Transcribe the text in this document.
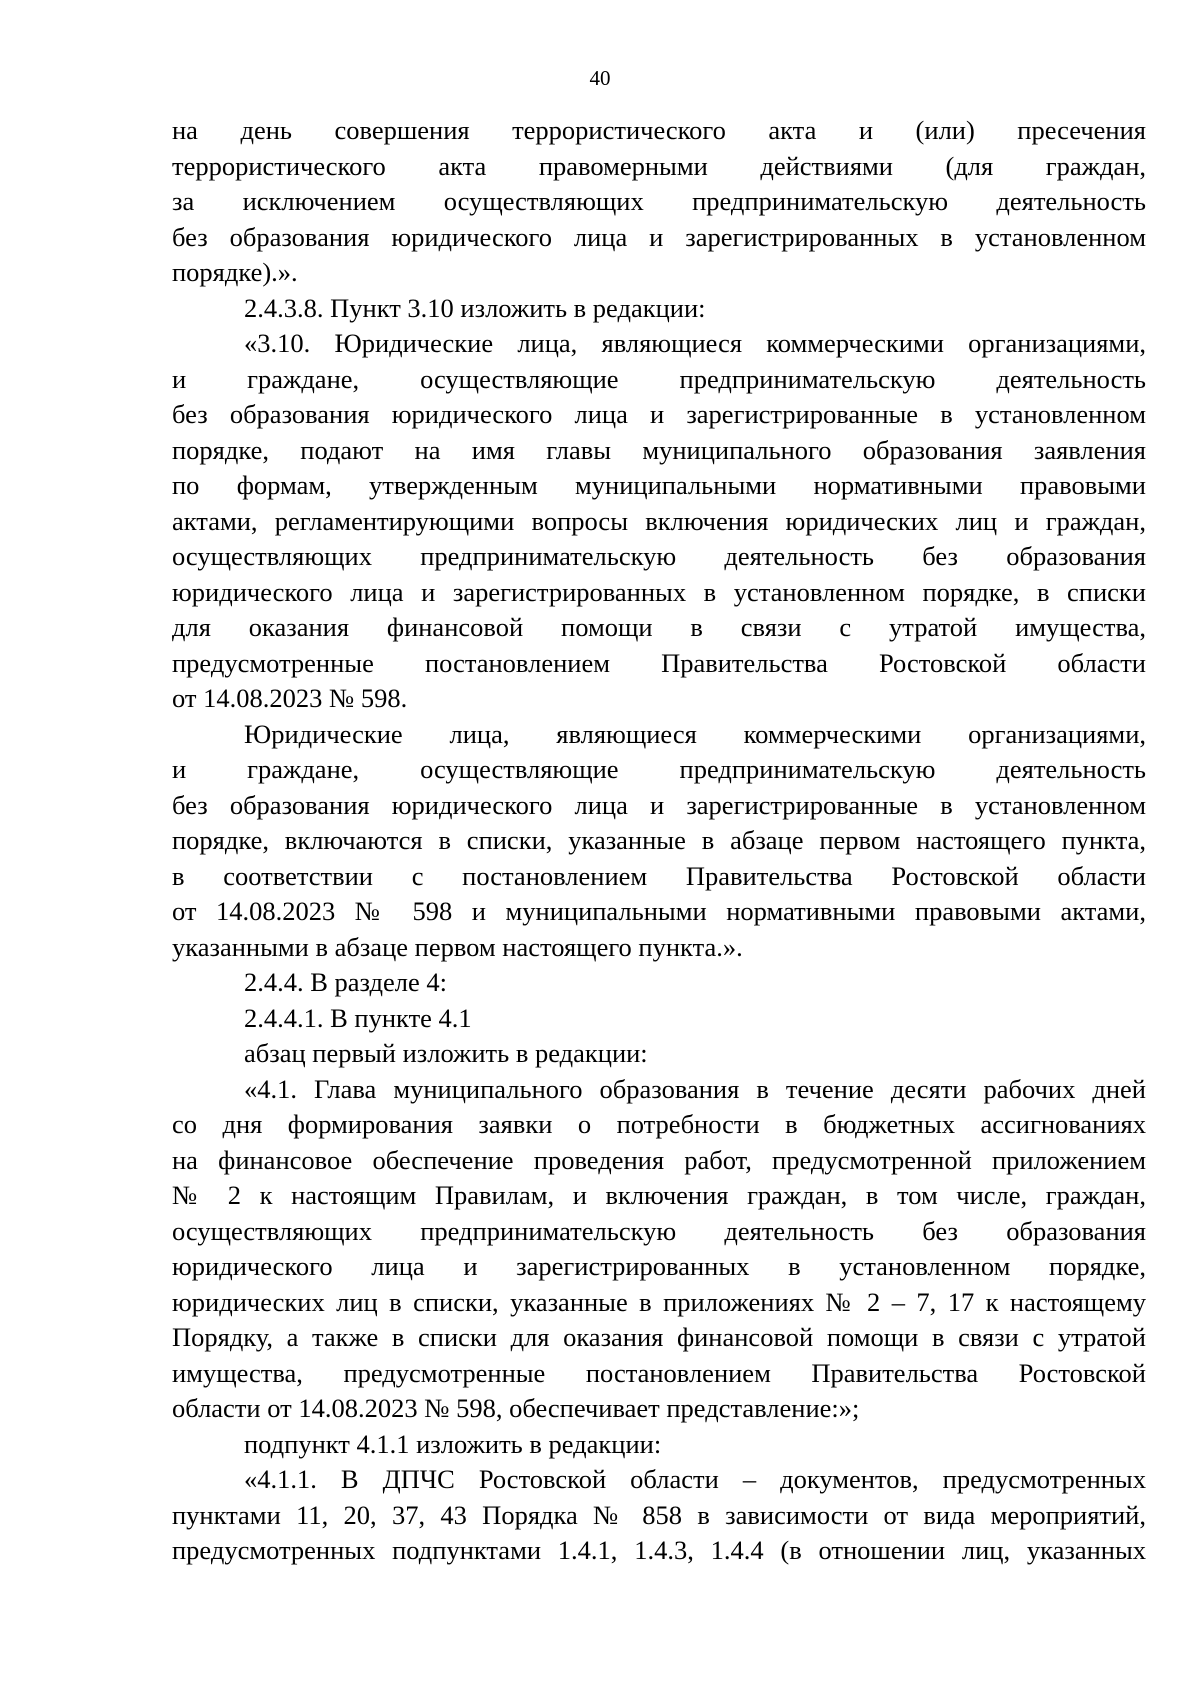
40
на день совершения террористического акта и (или) пресечения
террористического акта правомерными действиями (для граждан,
за исключением осуществляющих предпринимательскую деятельность
без образования юридического лица и зарегистрированных в установленном
порядке).».
2.4.3.8. Пункт 3.10 изложить в редакции:
«3.10. Юридические лица, являющиеся коммерческими организациями,
и граждане, осуществляющие предпринимательскую деятельность
без образования юридического лица и зарегистрированные в установленном
порядке, подают на имя главы муниципального образования заявления
по формам, утвержденным муниципальными нормативными правовыми
актами, регламентирующими вопросы включения юридических лиц и граждан,
осуществляющих предпринимательскую деятельность без образования
юридического лица и зарегистрированных в установленном порядке, в списки
для оказания финансовой помощи в связи с утратой имущества,
предусмотренные постановлением Правительства Ростовской области
от 14.08.2023 № 598.
Юридические лица, являющиеся коммерческими организациями,
и граждане, осуществляющие предпринимательскую деятельность
без образования юридического лица и зарегистрированные в установленном
порядке, включаются в списки, указанные в абзаце первом настоящего пункта,
в соответствии с постановлением Правительства Ростовской области
от 14.08.2023 № 598 и муниципальными нормативными правовыми актами,
указанными в абзаце первом настоящего пункта.».
2.4.4. В разделе 4:
2.4.4.1. В пункте 4.1
абзац первый изложить в редакции:
«4.1. Глава муниципального образования в течение десяти рабочих дней
со дня формирования заявки о потребности в бюджетных ассигнованиях
на финансовое обеспечение проведения работ, предусмотренной приложением
№ 2 к настоящим Правилам, и включения граждан, в том числе, граждан,
осуществляющих предпринимательскую деятельность без образования
юридического лица и зарегистрированных в установленном порядке,
юридических лиц в списки, указанные в приложениях № 2 – 7, 17 к настоящему
Порядку, а также в списки для оказания финансовой помощи в связи с утратой
имущества, предусмотренные постановлением Правительства Ростовской
области от 14.08.2023 № 598, обеспечивает представление:»;
подпункт 4.1.1 изложить в редакции:
«4.1.1. В ДПЧС Ростовской области – документов, предусмотренных
пунктами 11, 20, 37, 43 Порядка № 858 в зависимости от вида мероприятий,
предусмотренных подпунктами 1.4.1, 1.4.3, 1.4.4 (в отношении лиц, указанных
